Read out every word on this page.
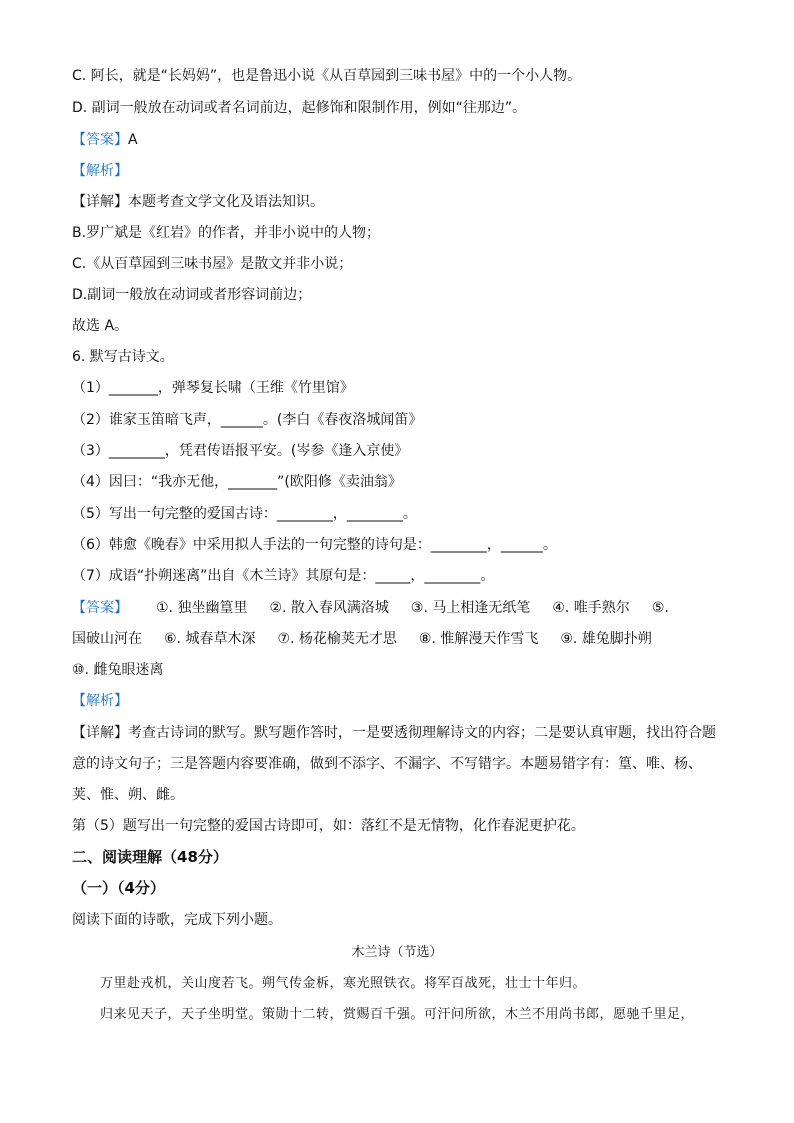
C. 阿长，就是“长妈妈”，也是鲁迅小说《从百草园到三味书屋》中的一个小人物。
D. 副词一般放在动词或者名词前边，起修饰和限制作用，例如“往那边”。
【答案】A
【解析】
【详解】本题考查文学文化及语法知识。
B.罗广斌是《红岩》的作者，并非小说中的人物；
C.《从百草园到三味书屋》是散文并非小说；
D.副词一般放在动词或者形容词前边；
故选 A。
6. 默写古诗文。
（1）_______，弹琴复长啸（王维《竹里馆》
（2）谁家玉笛暗飞声，______。(李白《春夜洛城闻笛》
（3）________，凭君传语报平安。(岑参《逢入京使》
（4）因曰：“我亦无他，_______”(欧阳修《卖油翁》
（5）写出一句完整的爱国古诗：________，________。
（6）韩愈《晚春》中采用拟人手法的一句完整的诗句是：________，______。
（7）成语“扑朔迷离”出自《木兰诗》其原句是：_____，________。
【答案】 ①. 独坐幽篁里 ②. 散入春风满洛城 ③. 马上相逢无纸笔 ④. 唯手熟尔 ⑤.
国破山河在 ⑥. 城春草木深 ⑦. 杨花榆荚无才思 ⑧. 惟解漫天作雪飞 ⑨. 雄兔脚扑朔
⑩. 雌兔眼迷离
【解析】
【详解】考查古诗词的默写。默写题作答时，一是要透彻理解诗文的内容；二是要认真审题，找出符合题
意的诗文句子；三是答题内容要准确，做到不添字、不漏字、不写错字。本题易错字有：篁、唯、杨、
荚、惟、朔、雌。
第（5）题写出一句完整的爱国古诗即可，如：落红不是无情物，化作春泥更护花。
二、阅读理解（48分）
（一）（4分）
阅读下面的诗歌，完成下列小题。
木兰诗（节选）
万里赴戎机，关山度若飞。朔气传金柝，寒光照铁衣。将军百战死，壮士十年归。
归来见天子，天子坐明堂。策勋十二转，赏赐百千强。可汗问所欲，木兰不用尚书郎，愿驰千里足，
